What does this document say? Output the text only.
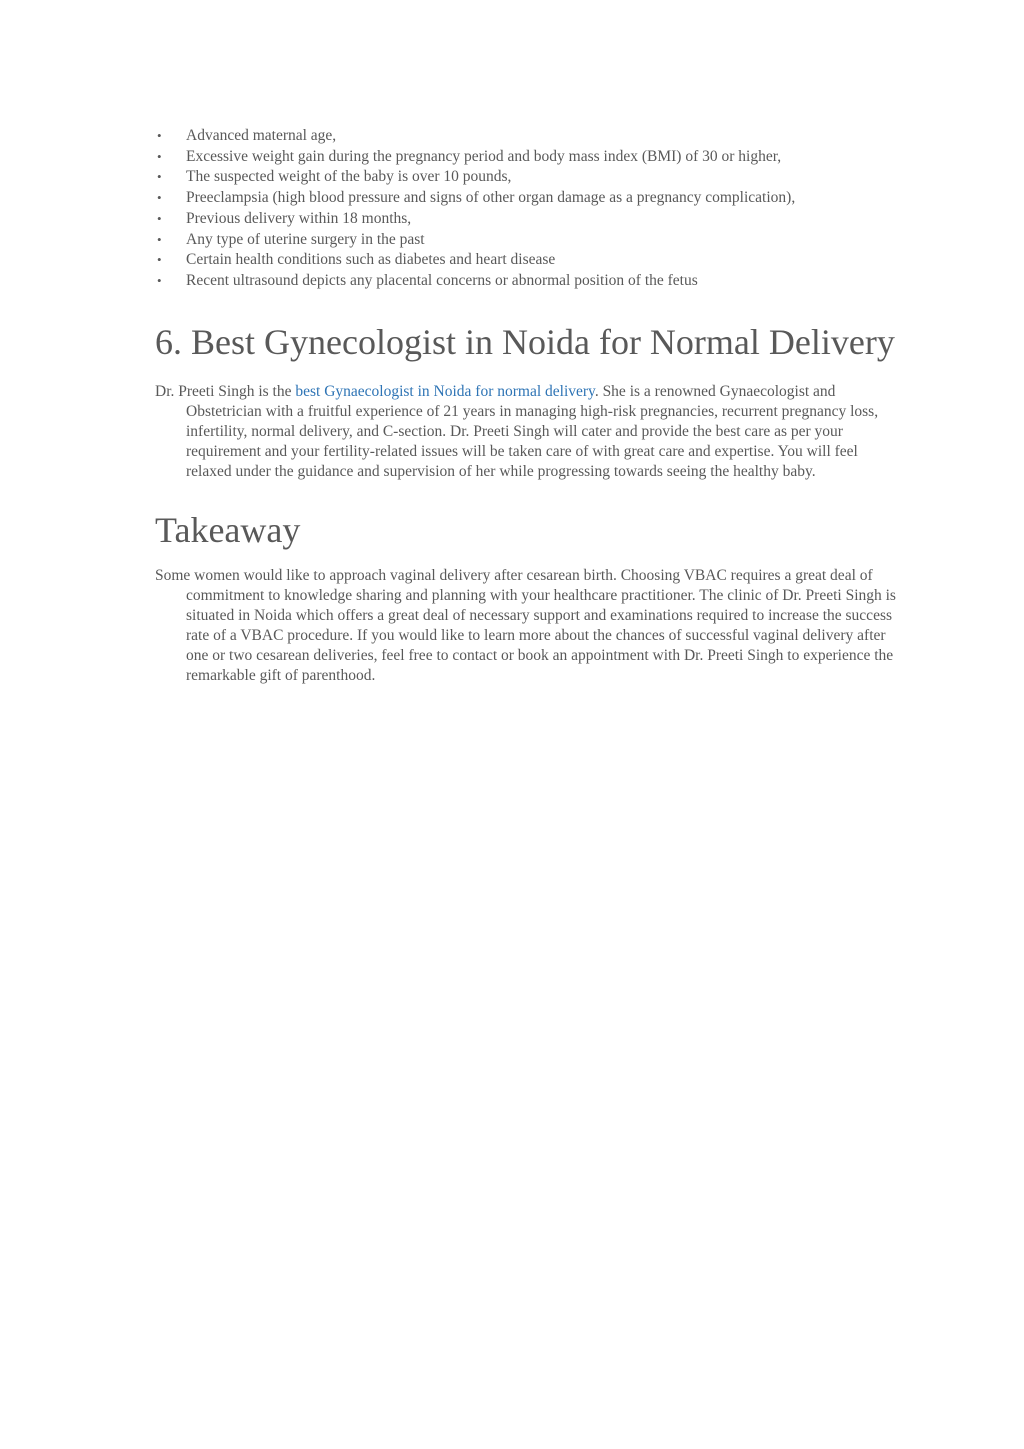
• Advanced maternal age,
• Excessive weight gain during the pregnancy period and body mass index (BMI) of 30 or higher,
• The suspected weight of the baby is over 10 pounds,
• Preeclampsia (high blood pressure and signs of other organ damage as a pregnancy complication),
• Previous delivery within 18 months,
• Any type of uterine surgery in the past
• Certain health conditions such as diabetes and heart disease
• Recent ultrasound depicts any placental concerns or abnormal position of the fetus
6. Best Gynecologist in Noida for Normal Delivery

Dr. Preeti Singh is the best Gynaecologist in Noida for normal delivery. She is a renowned Gynaecologist and Obstetrician with a fruitful experience of 21 years in managing high-risk pregnancies, recurrent pregnancy loss, infertility, normal delivery, and C-section. Dr. Preeti Singh will cater and provide the best care as per your requirement and your fertility-related issues will be taken care of with great care and expertise. You will feel relaxed under the guidance and supervision of her while progressing towards seeing the healthy baby.

Takeaway

Some women would like to approach vaginal delivery after cesarean birth. Choosing VBAC requires a great deal of commitment to knowledge sharing and planning with your healthcare practitioner. The clinic of Dr. Preeti Singh is situated in Noida which offers a great deal of necessary support and examinations required to increase the success rate of a VBAC procedure. If you would like to learn more about the chances of successful vaginal delivery after one or two cesarean deliveries, feel free to contact or book an appointment with Dr. Preeti Singh to experience the remarkable gift of parenthood.
